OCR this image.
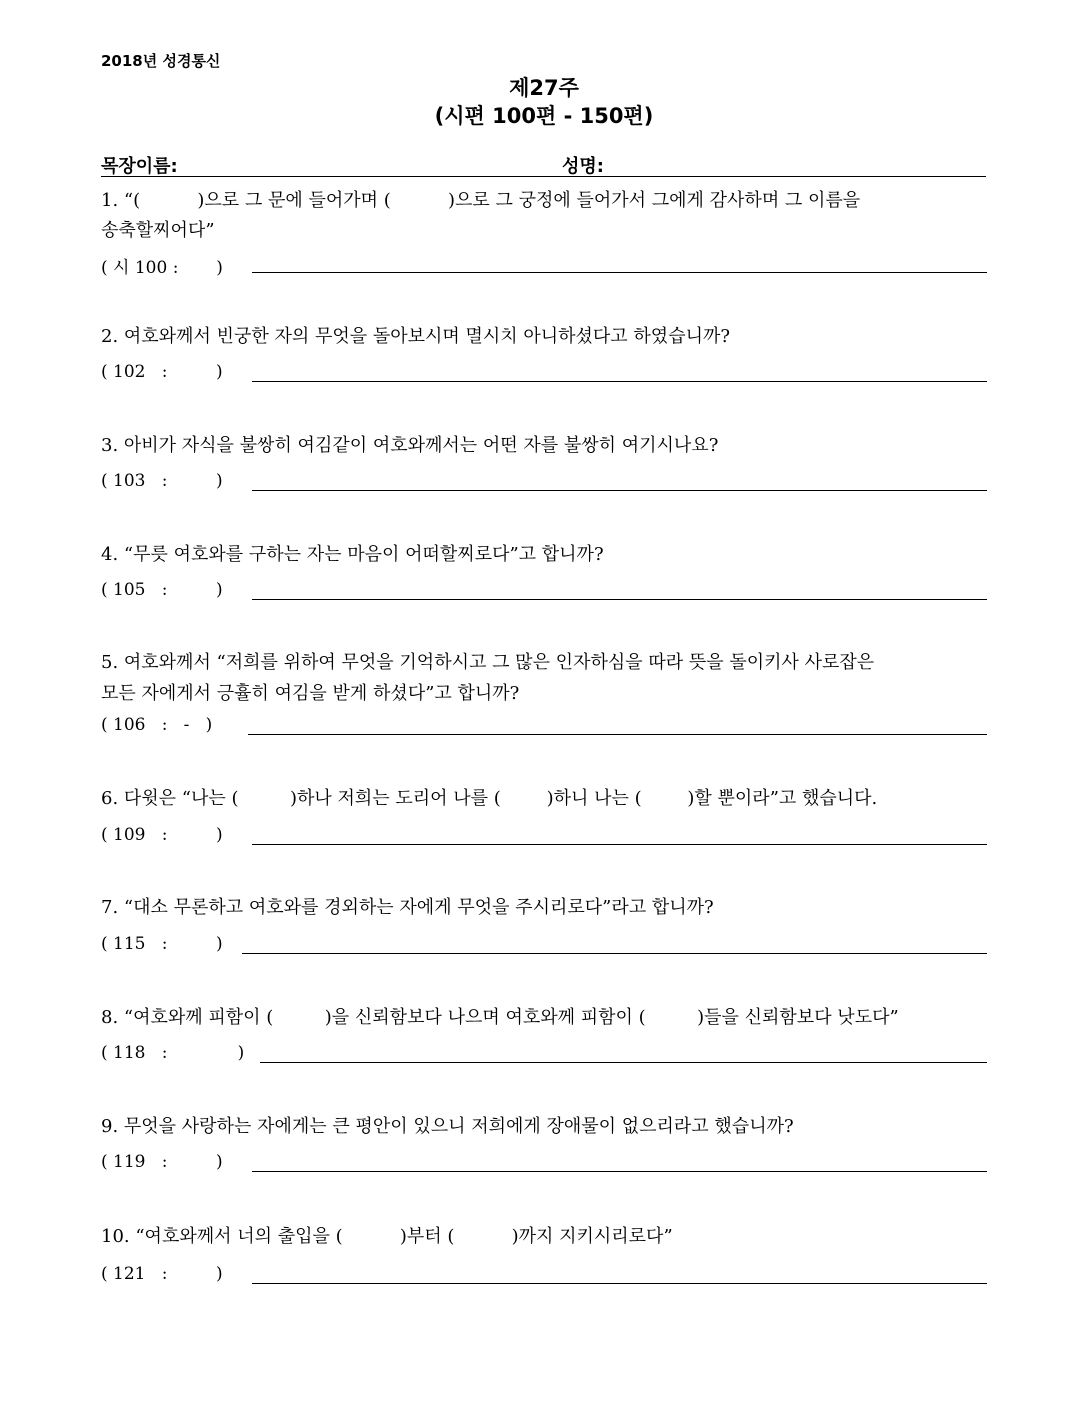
2018년 성경통신
제27주
(시편 100편 - 150편)
목장이름:	성명:
1. “(          )으로 그 문에 들어가며 (          )으로 그 궁정에 들어가서 그에게 감사하며 그 이름을
송축할찌어다”
( 시 100 :       )
2. 여호와께서 빈궁한 자의 무엇을 돌아보시며 멸시치 아니하셨다고 하였습니까?
( 102   :         )
3. 아비가 자식을 불쌍히 여김같이 여호와께서는 어떤 자를 불쌍히 여기시나요?
( 103   :         )
4. “무릇 여호와를 구하는 자는 마음이 어떠할찌로다”고 합니까?
( 105   :         )
5. 여호와께서 “저희를 위하여 무엇을 기억하시고 그 많은 인자하심을 따라 뜻을 돌이키사 사로잡은
모든 자에게서 긍휼히 여김을 받게 하셨다”고 합니까?
( 106   :   -   )
6. 다윗은 “나는 (         )하나 저희는 도리어 나를 (        )하니 나는 (        )할 뿐이라”고 했습니다.
( 109   :         )
7. “대소 무론하고 여호와를 경외하는 자에게 무엇을 주시리로다”라고 합니까?
( 115   :         )
8. “여호와께 피함이 (         )을 신뢰함보다 나으며 여호와께 피함이 (         )들을 신뢰함보다 낫도다”
( 118   :             )
9. 무엇을 사랑하는 자에게는 큰 평안이 있으니 저희에게 장애물이 없으리라고 했습니까?
( 119   :         )
10. “여호와께서 너의 출입을 (          )부터 (          )까지 지키시리로다”
( 121   :         )
